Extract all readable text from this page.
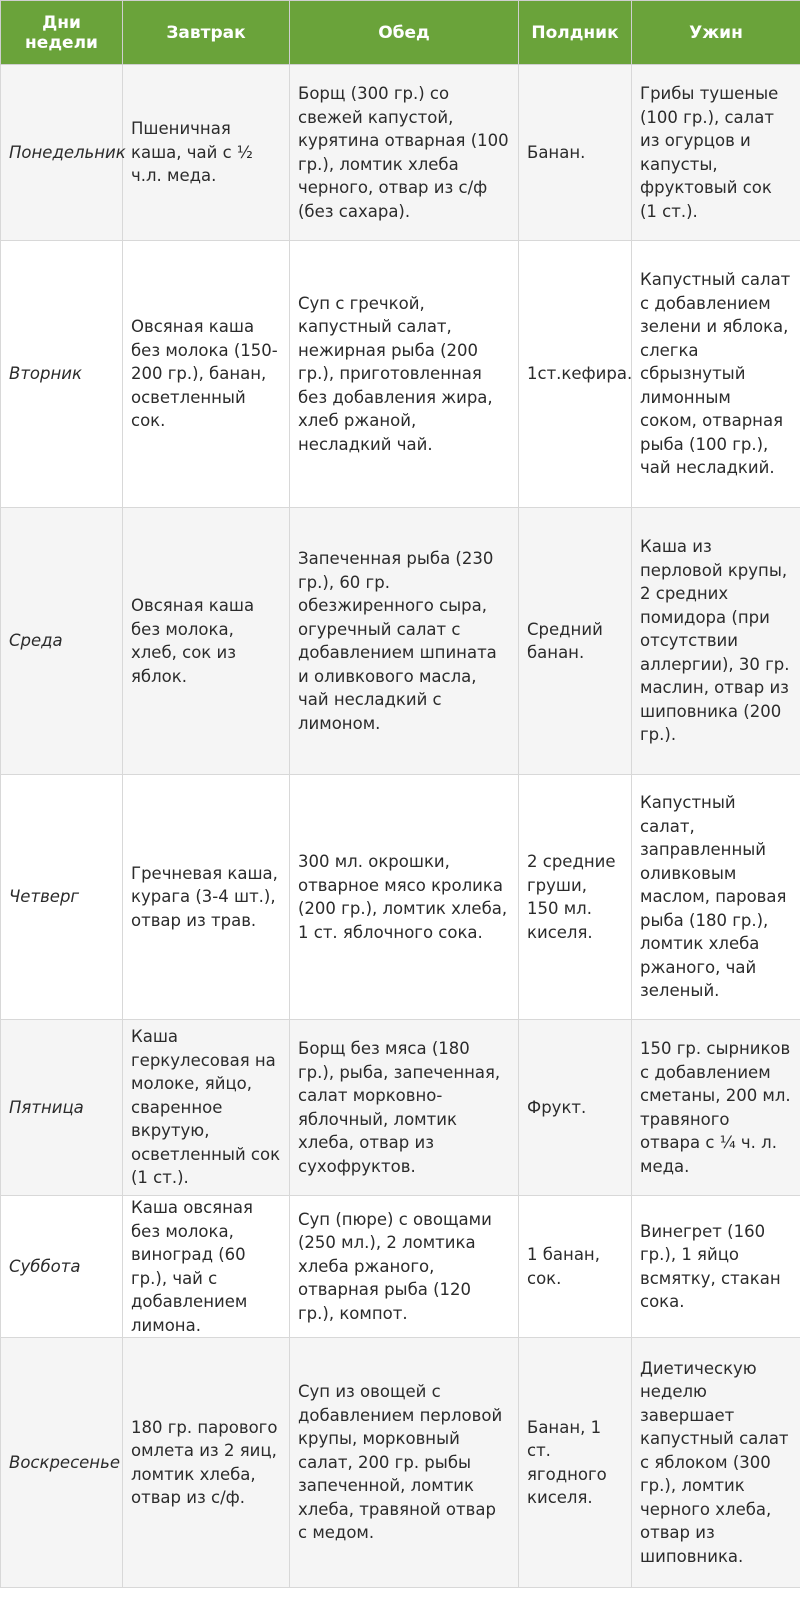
Дни недели	Завтрак	Обед	Полдник	Ужин
Понедельник	Пшеничная каша, чай с ½ ч.л. меда.	Борщ (300 гр.) со свежей капустой, курятина отварная (100 гр.), ломтик хлеба черного, отвар из с/ф (без сахара).	Банан.	Грибы тушеные (100 гр.), салат из огурцов и капусты, фруктовый сок (1 ст.).
Вторник	Овсяная каша без молока (150-200 гр.), банан, осветленный сок.	Суп с гречкой, капустный салат, нежирная рыба (200 гр.), приготовленная без добавления жира, хлеб ржаной, несладкий чай.	1ст.кефира.	Капустный салат с добавлением зелени и яблока, слегка сбрызнутый лимонным соком, отварная рыба (100 гр.), чай несладкий.
Среда	Овсяная каша без молока, хлеб, сок из яблок.	Запеченная рыба (230 гр.), 60 гр. обезжиренного сыра, огуречный салат с добавлением шпината и оливкового масла, чай несладкий с лимоном.	Средний банан.	Каша из перловой крупы, 2 средних помидора (при отсутствии аллергии), 30 гр. маслин, отвар из шиповника (200 гр.).
Четверг	Гречневая каша, курага (3-4 шт.), отвар из трав.	300 мл. окрошки, отварное мясо кролика (200 гр.), ломтик хлеба, 1 ст. яблочного сока.	2 средние груши, 150 мл. киселя.	Капустный салат, заправленный оливковым маслом, паровая рыба (180 гр.), ломтик хлеба ржаного, чай зеленый.
Пятница	Каша геркулесовая на молоке, яйцо, сваренное вкрутую, осветленный сок (1 ст.).	Борщ без мяса (180 гр.), рыба, запеченная, салат морковно-яблочный, ломтик хлеба, отвар из сухофруктов.	Фрукт.	150 гр. сырников с добавлением сметаны, 200 мл. травяного отвара с ¼ ч. л. меда.
Суббота	Каша овсяная без молока, виноград (60 гр.), чай с добавлением лимона.	Суп (пюре) с овощами (250 мл.), 2 ломтика хлеба ржаного, отварная рыба (120 гр.), компот.	1 банан, сок.	Винегрет (160 гр.), 1 яйцо всмятку, стакан сока.
Воскресенье	180 гр. парового омлета из 2 яиц, ломтик хлеба, отвар из с/ф.	Суп из овощей с добавлением перловой крупы, морковный салат, 200 гр. рыбы запеченной, ломтик хлеба, травяной отвар с медом.	Банан, 1 ст. ягодного киселя.	Диетическую неделю завершает капустный салат с яблоком (300 гр.), ломтик черного хлеба, отвар из шиповника.
